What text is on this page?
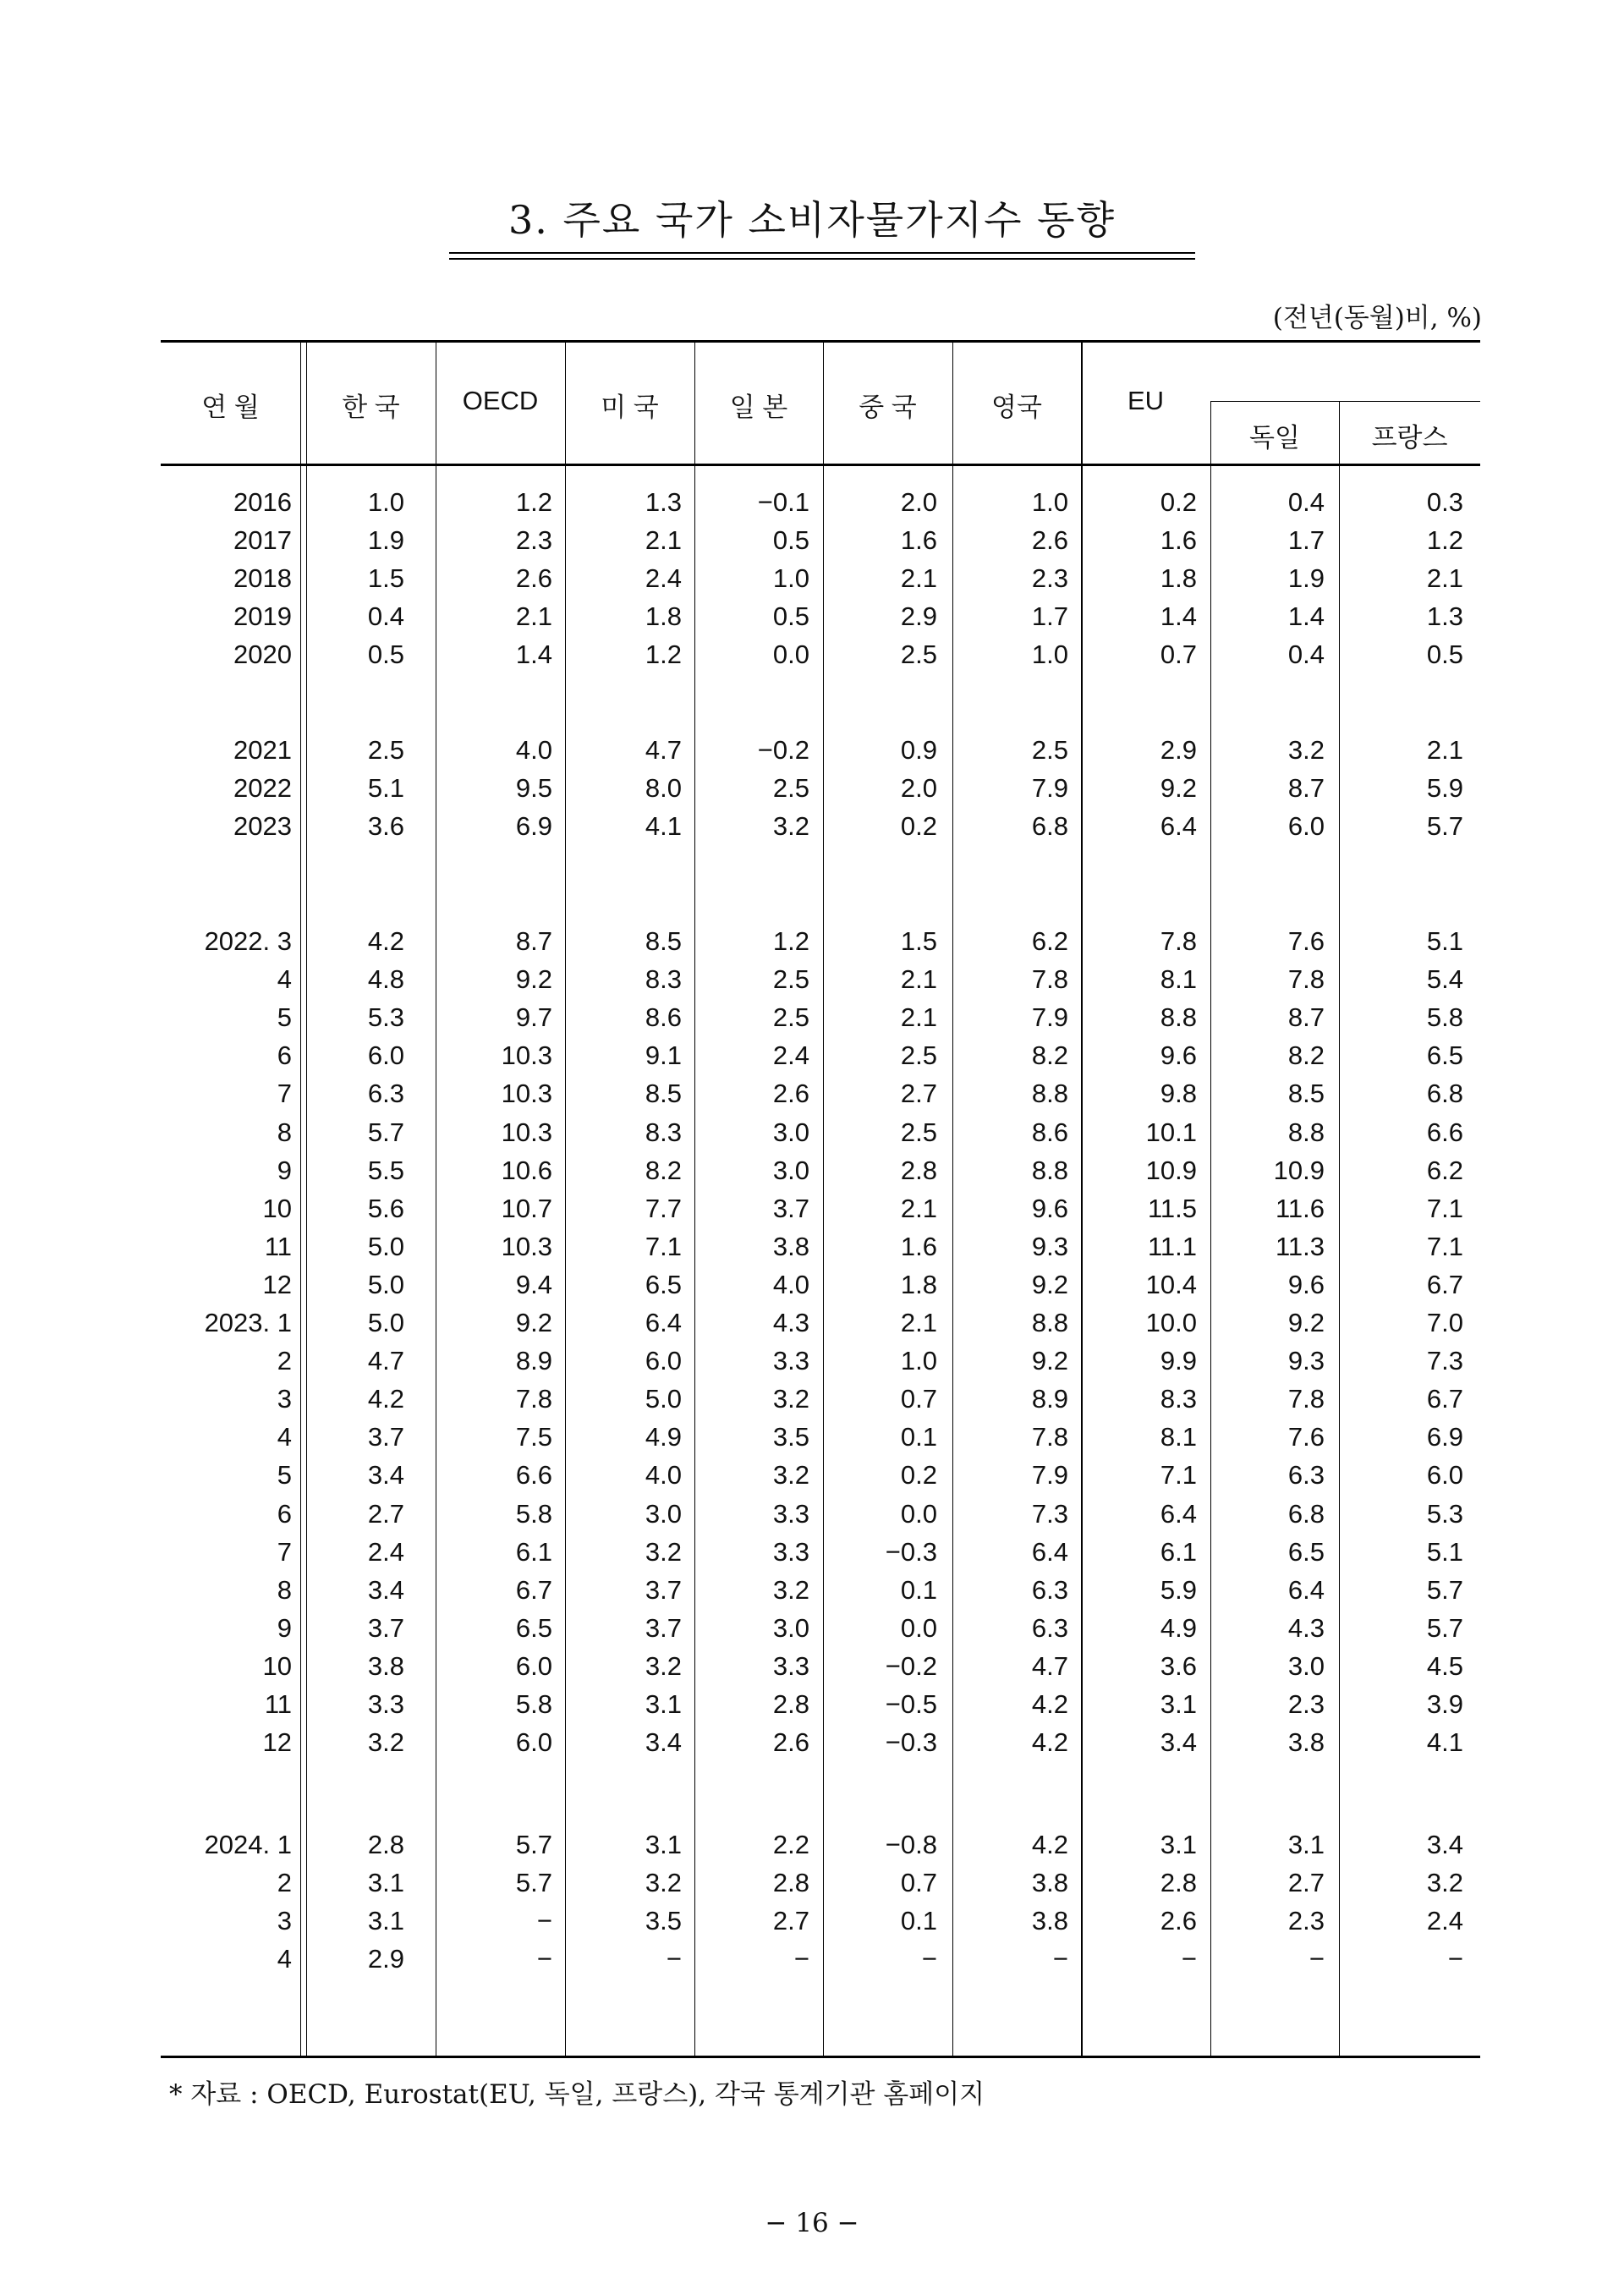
3. 주요 국가 소비자물가지수 동향
(전년(동월)비, %)
연 월	한 국	OECD	미 국	일 본	중 국	영국	EU
독일	프랑스
2016	1.0	1.2	1.3	−0.1	2.0	1.0	0.2	0.4	0.3
2017	1.9	2.3	2.1	0.5	1.6	2.6	1.6	1.7	1.2
2018	1.5	2.6	2.4	1.0	2.1	2.3	1.8	1.9	2.1
2019	0.4	2.1	1.8	0.5	2.9	1.7	1.4	1.4	1.3
2020	0.5	1.4	1.2	0.0	2.5	1.0	0.7	0.4	0.5
2021	2.5	4.0	4.7	−0.2	0.9	2.5	2.9	3.2	2.1
2022	5.1	9.5	8.0	2.5	2.0	7.9	9.2	8.7	5.9
2023	3.6	6.9	4.1	3.2	0.2	6.8	6.4	6.0	5.7
2022. 3	4.2	8.7	8.5	1.2	1.5	6.2	7.8	7.6	5.1
4	4.8	9.2	8.3	2.5	2.1	7.8	8.1	7.8	5.4
5	5.3	9.7	8.6	2.5	2.1	7.9	8.8	8.7	5.8
6	6.0	10.3	9.1	2.4	2.5	8.2	9.6	8.2	6.5
7	6.3	10.3	8.5	2.6	2.7	8.8	9.8	8.5	6.8
8	5.7	10.3	8.3	3.0	2.5	8.6	10.1	8.8	6.6
9	5.5	10.6	8.2	3.0	2.8	8.8	10.9	10.9	6.2
10	5.6	10.7	7.7	3.7	2.1	9.6	11.5	11.6	7.1
11	5.0	10.3	7.1	3.8	1.6	9.3	11.1	11.3	7.1
12	5.0	9.4	6.5	4.0	1.8	9.2	10.4	9.6	6.7
2023. 1	5.0	9.2	6.4	4.3	2.1	8.8	10.0	9.2	7.0
2	4.7	8.9	6.0	3.3	1.0	9.2	9.9	9.3	7.3
3	4.2	7.8	5.0	3.2	0.7	8.9	8.3	7.8	6.7
4	3.7	7.5	4.9	3.5	0.1	7.8	8.1	7.6	6.9
5	3.4	6.6	4.0	3.2	0.2	7.9	7.1	6.3	6.0
6	2.7	5.8	3.0	3.3	0.0	7.3	6.4	6.8	5.3
7	2.4	6.1	3.2	3.3	−0.3	6.4	6.1	6.5	5.1
8	3.4	6.7	3.7	3.2	0.1	6.3	5.9	6.4	5.7
9	3.7	6.5	3.7	3.0	0.0	6.3	4.9	4.3	5.7
10	3.8	6.0	3.2	3.3	−0.2	4.7	3.6	3.0	4.5
11	3.3	5.8	3.1	2.8	−0.5	4.2	3.1	2.3	3.9
12	3.2	6.0	3.4	2.6	−0.3	4.2	3.4	3.8	4.1
2024. 1	2.8	5.7	3.1	2.2	−0.8	4.2	3.1	3.1	3.4
2	3.1	5.7	3.2	2.8	0.7	3.8	2.8	2.7	3.2
3	3.1	−	3.5	2.7	0.1	3.8	2.6	2.3	2.4
4	2.9	−	−	−	−	−	−	−	−
* 자료 : OECD, Eurostat(EU, 독일, 프랑스), 각국 통계기관 홈페이지
− 16 −
